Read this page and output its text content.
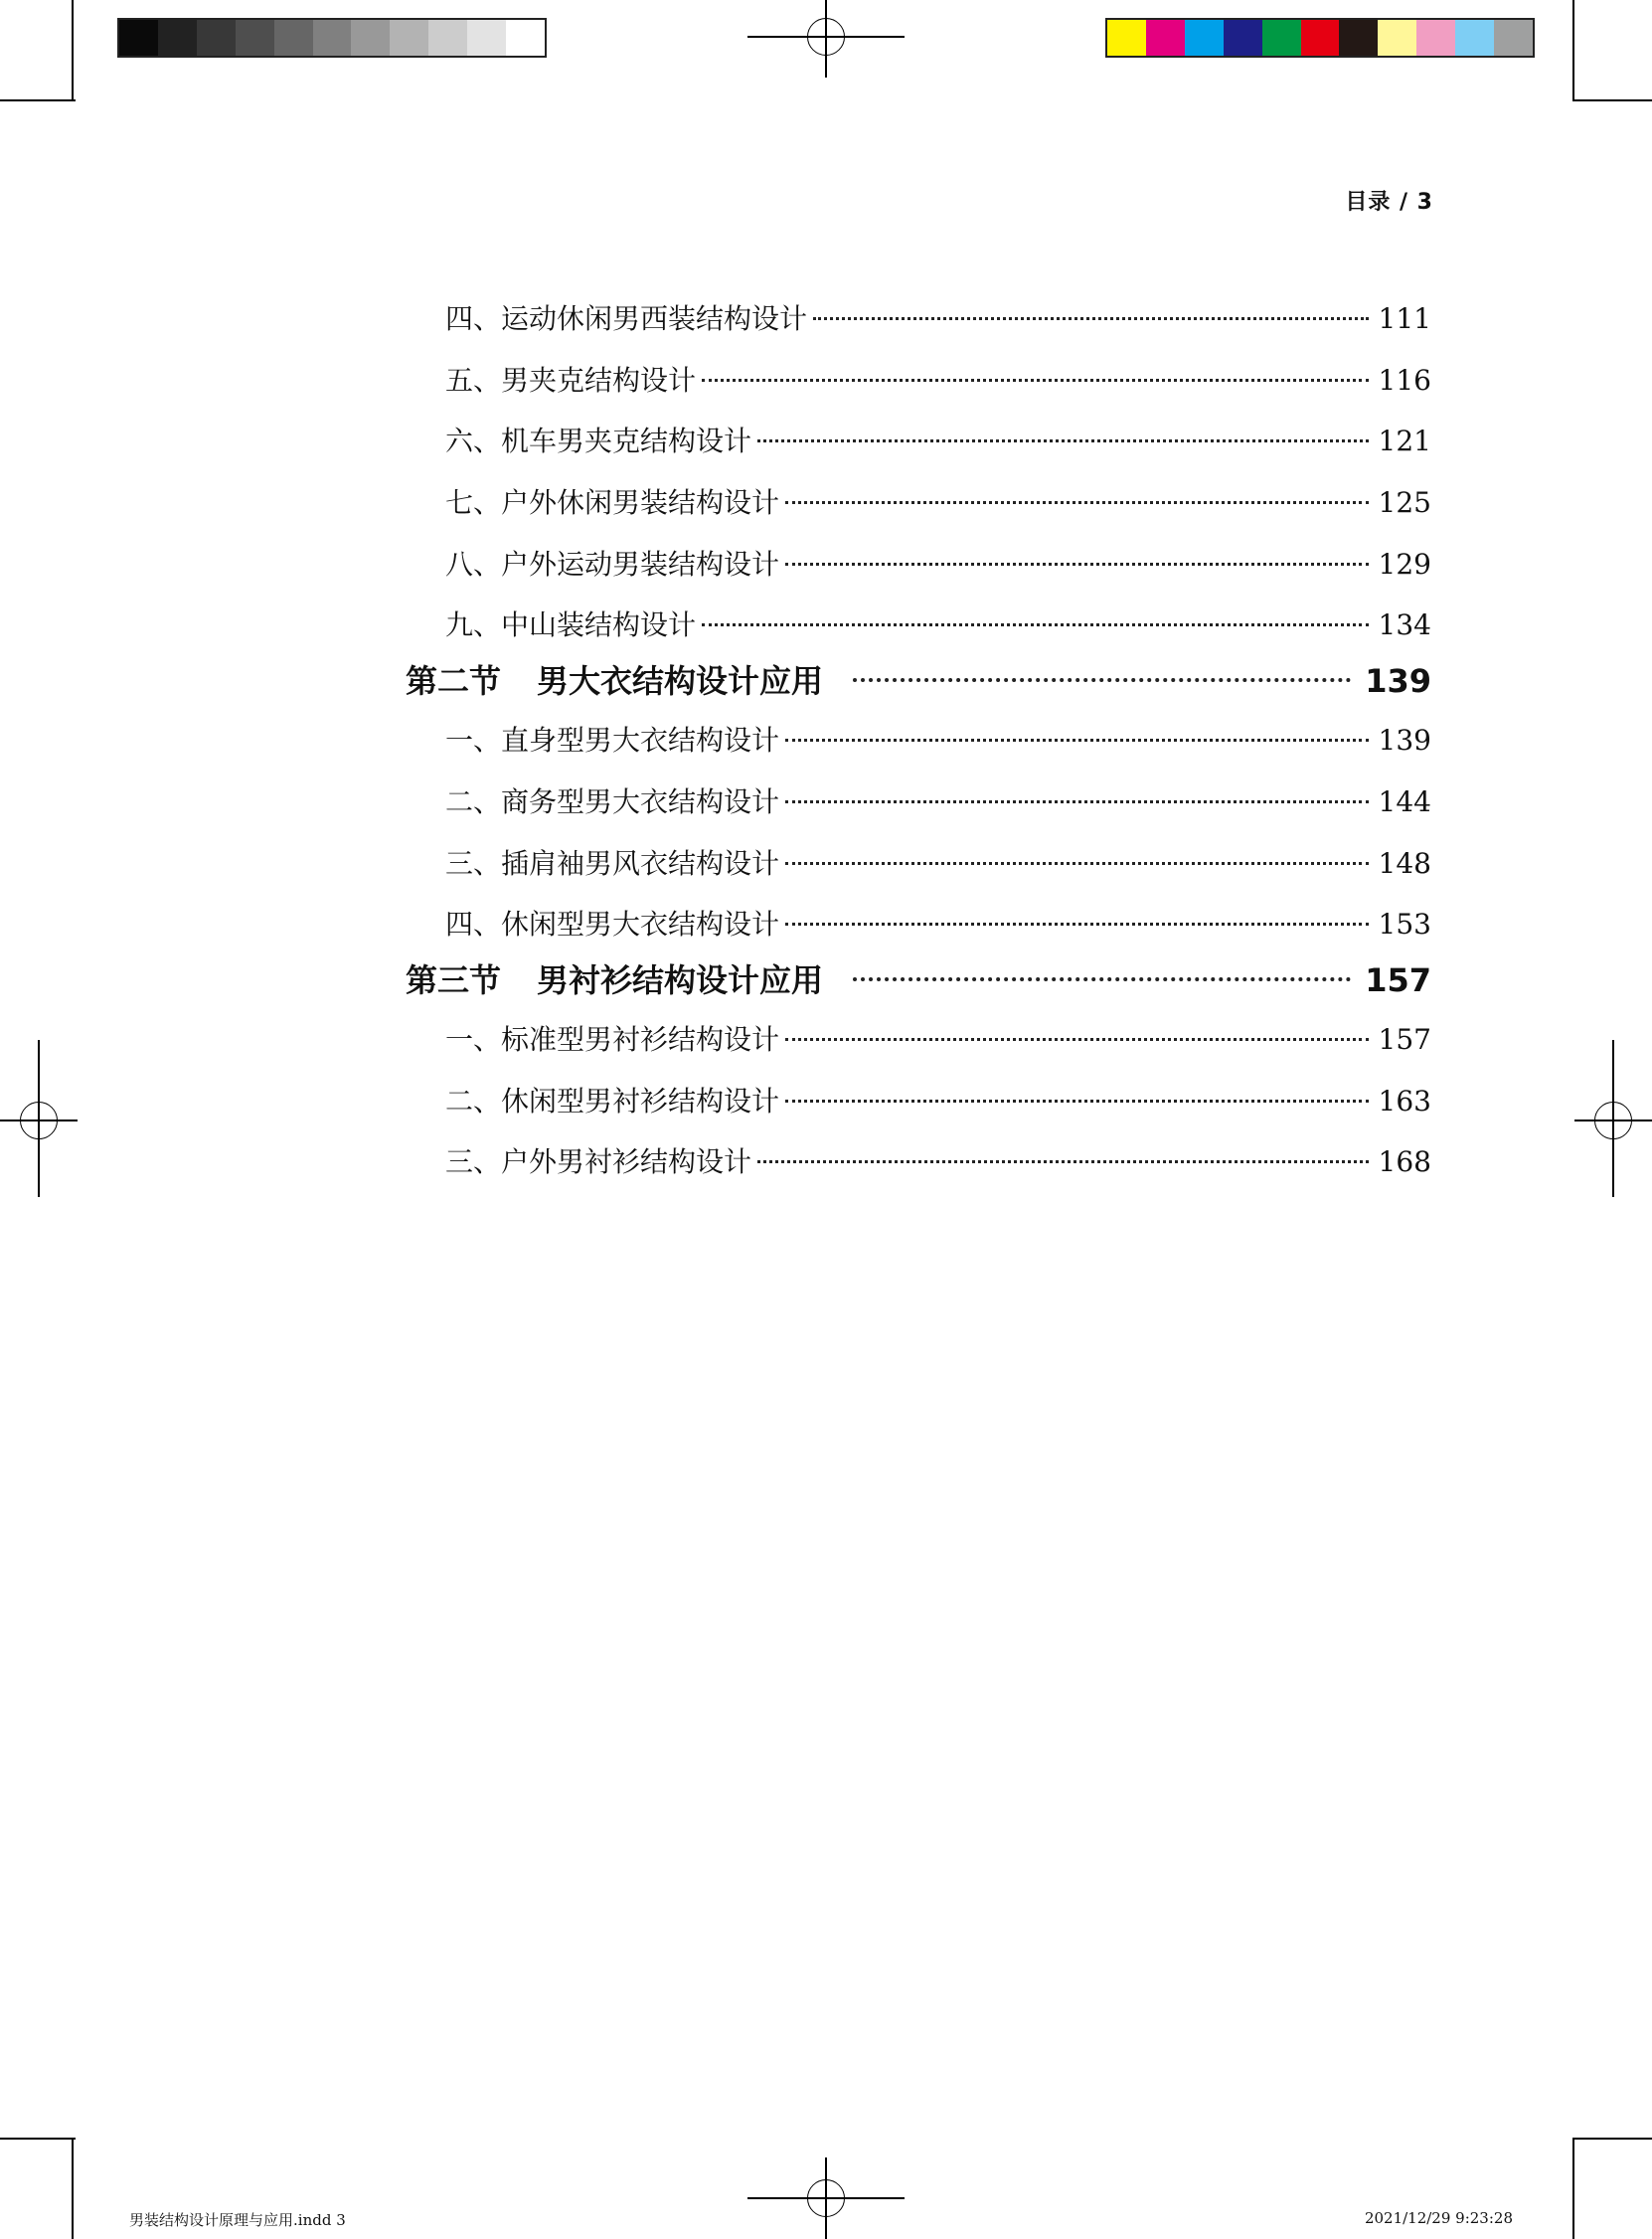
目录 / 3
四、运动休闲男西装结构设计	111
五、男夹克结构设计	116
六、机车男夹克结构设计	121
七、户外休闲男装结构设计	125
八、户外运动男装结构设计	129
九、中山装结构设计	134
第二节 男大衣结构设计应用	139
一、直身型男大衣结构设计	139
二、商务型男大衣结构设计	144
三、插肩袖男风衣结构设计	148
四、休闲型男大衣结构设计	153
第三节 男衬衫结构设计应用	157
一、标准型男衬衫结构设计	157
二、休闲型男衬衫结构设计	163
三、户外男衬衫结构设计	168
男装结构设计原理与应用.indd 3	2021/12/29 9:23:28
